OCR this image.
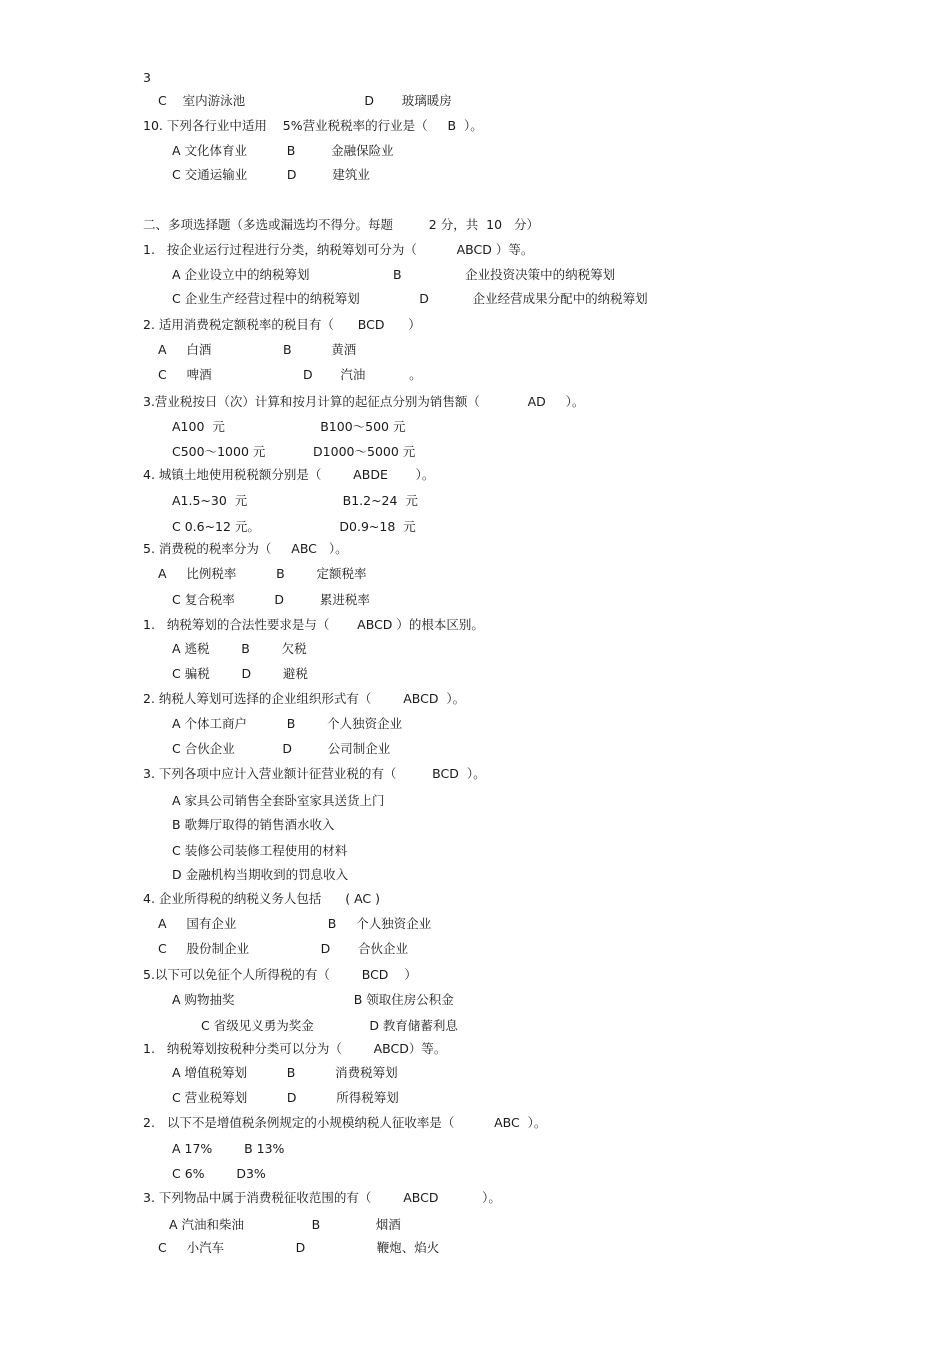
3
C    室内游泳池                              D       玻璃暖房
10. 下列各行业中适用    5%营业税税率的行业是（     B  ）。
A 文化体育业          B         金融保险业
C 交通运输业          D         建筑业
二、多项选择题（多选或漏选均不得分。每题         2 分，共  10   分）
1.   按企业运行过程进行分类，纳税筹划可分为（          ABCD ）等。
A 企业设立中的纳税筹划                     B                企业投资决策中的纳税筹划
C 企业生产经营过程中的纳税筹划               D           企业经营成果分配中的纳税筹划
2. 适用消费税定额税率的税目有（      BCD      ）
A     白酒                  B          黄酒
C     啤酒                       D       汽油           。
3.营业税按日（次）计算和按月计算的起征点分别为销售额（            AD     ）。
A100  元                        B100～500 元
C500～1000 元            D1000～5000 元
4. 城镇土地使用税税额分别是（        ABDE       ）。
A1.5~30  元                        B1.2~24  元
C 0.6~12 元。                    D0.9~18  元
5. 消费税的税率分为（     ABC   ）。
A     比例税率          B        定额税率
C 复合税率          D         累进税率
1.   纳税筹划的合法性要求是与（       ABCD ）的根本区别。
A 逃税        B        欠税
C 骗税        D        避税
2. 纳税人筹划可选择的企业组织形式有（        ABCD  ）。
A 个体工商户          B        个人独资企业
C 合伙企业            D         公司制企业
3. 下列各项中应计入营业额计征营业税的有（         BCD  ）。
A 家具公司销售全套卧室家具送货上门
B 歌舞厅取得的销售酒水收入
C 装修公司装修工程使用的材料
D 金融机构当期收到的罚息收入
4. 企业所得税的纳税义务人包括      ( AC )
A     国有企业                       B     个人独资企业
C     股份制企业                  D       合伙企业
5.以下可以免征个人所得税的有（        BCD    ）
A 购物抽奖                              B 领取住房公积金
C 省级见义勇为奖金              D 教育储蓄利息
1.   纳税筹划按税种分类可以分为（        ABCD）等。
A 增值税筹划          B          消费税筹划
C 营业税筹划          D          所得税筹划
2.   以下不是增值税条例规定的小规模纳税人征收率是（          ABC  ）。
A 17%        B 13%
C 6%        D3%
3. 下列物品中属于消费税征收范围的有（        ABCD           ）。
A 汽油和柴油                 B              烟酒
C     小汽车                  D                  鞭炮、焰火
